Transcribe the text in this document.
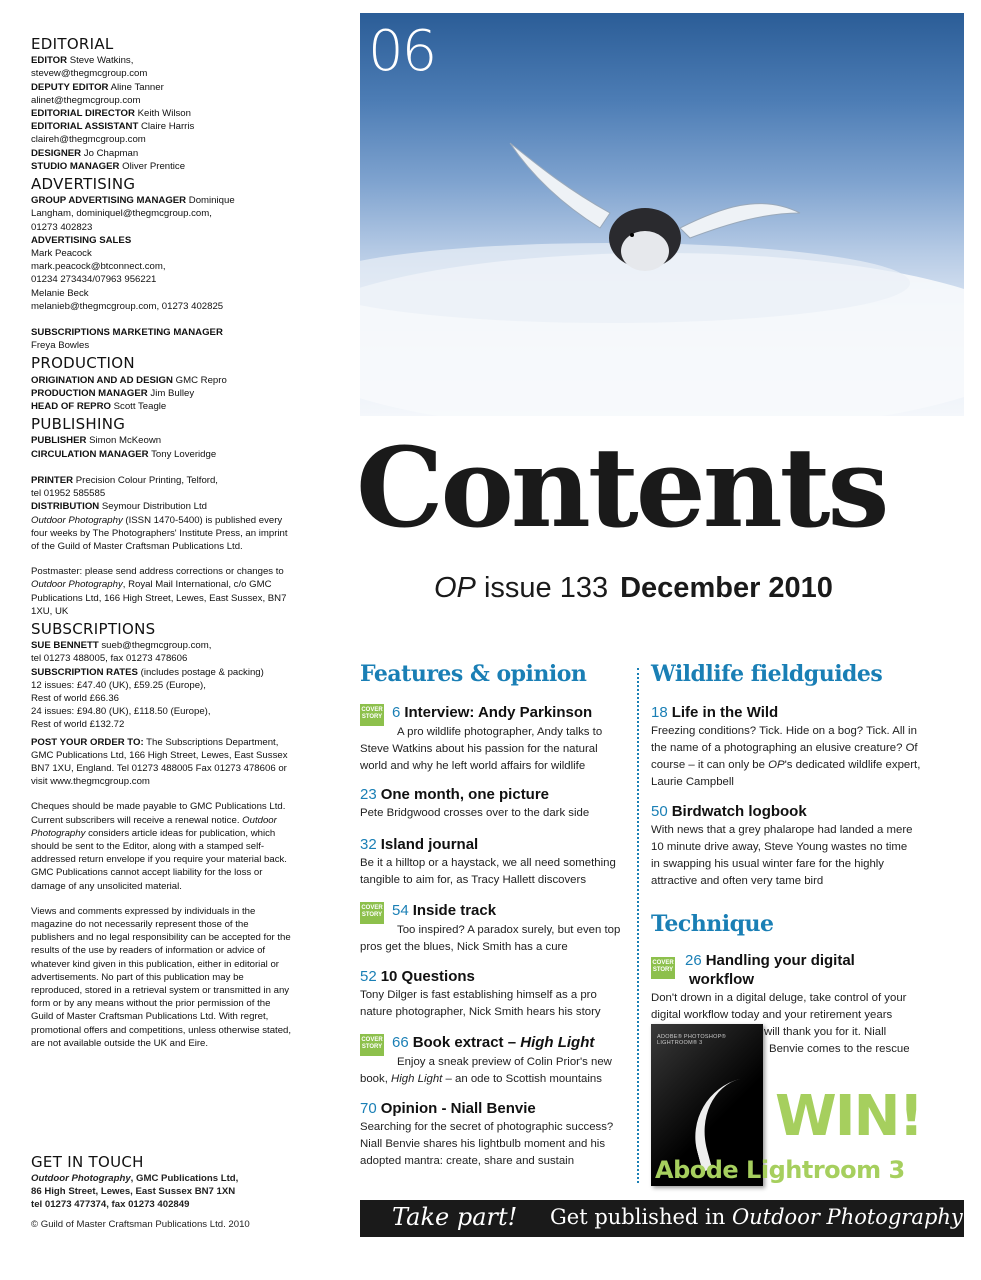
EDITORIAL
EDITOR Steve Watkins,
stevew@thegmcgroup.com
DEPUTY EDITOR Aline Tanner
alinet@thegmcgroup.com
EDITORIAL DIRECTOR Keith Wilson
EDITORIAL ASSISTANT Claire Harris
claireh@thegmcgroup.com
DESIGNER Jo Chapman
STUDIO MANAGER Oliver Prentice
ADVERTISING
GROUP ADVERTISING MANAGER Dominique
Langham, dominiquel@thegmcgroup.com,
01273 402823
ADVERTISING SALES
Mark Peacock
mark.peacock@btconnect.com,
01234 273434/07963 956221
Melanie Beck
melanieb@thegmcgroup.com, 01273 402825
SUBSCRIPTIONS MARKETING MANAGER
Freya Bowles
PRODUCTION
ORIGINATION AND AD DESIGN GMC Repro
PRODUCTION MANAGER Jim Bulley
HEAD OF REPRO Scott Teagle
PUBLISHING
PUBLISHER Simon McKeown
CIRCULATION MANAGER Tony Loveridge
PRINTER Precision Colour Printing, Telford,
tel 01952 585585
DISTRIBUTION Seymour Distribution Ltd
Outdoor Photography (ISSN 1470-5400) is published every four weeks by The Photographers' Institute Press, an imprint of the Guild of Master Craftsman Publications Ltd.
Postmaster: please send address corrections or changes to Outdoor Photography, Royal Mail International, c/o GMC Publications Ltd, 166 High Street, Lewes, East Sussex, BN7 1XU, UK
SUBSCRIPTIONS
SUE BENNETT sueb@thegmcgroup.com,
tel 01273 488005, fax 01273 478606
SUBSCRIPTION RATES (includes postage & packing)
12 issues: £47.40 (UK), £59.25 (Europe),
Rest of world £66.36
24 issues: £94.80 (UK), £118.50 (Europe),
Rest of world £132.72
POST YOUR ORDER TO: The Subscriptions Department, GMC Publications Ltd, 166 High Street, Lewes, East Sussex BN7 1XU, England. Tel 01273 488005 Fax 01273 478606 or visit www.thegmcgroup.com
Cheques should be made payable to GMC Publications Ltd. Current subscribers will receive a renewal notice. Outdoor Photography considers article ideas for publication, which should be sent to the Editor, along with a stamped self-addressed return envelope if you require your material back. GMC Publications cannot accept liability for the loss or damage of any unsolicited material.
Views and comments expressed by individuals in the magazine do not necessarily represent those of the publishers and no legal responsibility can be accepted for the results of the use by readers of information or advice of whatever kind given in this publication, either in editorial or advertisements. No part of this publication may be reproduced, stored in a retrieval system or transmitted in any form or by any means without the prior permission of the Guild of Master Craftsman Publications Ltd. With regret, promotional offers and competitions, unless otherwise stated, are not available outside the UK and Eire.
GET IN TOUCH
Outdoor Photography, GMC Publications Ltd,
86 High Street, Lewes, East Sussex BN7 1XN
tel 01273 477374, fax 01273 402849
© Guild of Master Craftsman Publications Ltd. 2010
06
Contents
OP issue 133 December 2010
Features & opinion
COVER
STORY 6 Interview: Andy Parkinson

A pro wildlife photographer, Andy talks to Steve Watkins about his passion for the natural world and why he left world affairs for wildlife
23 One month, one picture
Pete Bridgwood crosses over to the dark side
32 Island journal
Be it a hilltop or a haystack, we all need something tangible to aim for, as Tracy Hallett discovers
COVER
STORY 54 Inside track

Too inspired? A paradox surely, but even top pros get the blues, Nick Smith has a cure
52 10 Questions
Tony Dilger is fast establishing himself as a pro nature photographer, Nick Smith hears his story
COVER
STORY 66 Book extract – High Light

Enjoy a sneak preview of Colin Prior's new book, High Light – an ode to Scottish mountains
70 Opinion - Niall Benvie
Searching for the secret of photographic success? Niall Benvie shares his lightbulb moment and his adopted mantra: create, share and sustain
Wildlife fieldguides
18 Life in the Wild
Freezing conditions? Tick. Hide on a bog? Tick. All in the name of a photographing an elusive creature? Of course – it can only be OP's dedicated wildlife expert, Laurie Campbell
50 Birdwatch logbook
With news that a grey phalarope had landed a mere 10 minute drive away, Steve Young wastes no time in swapping his usual winter fare for the highly attractive and often very tame bird
Technique
COVER
STORY
26 Handling your digital
workflow
Don't drown in a digital deluge, take control of your digital workflow today and your retirement years
will thank you for it. Niall
Benvie comes to the rescue
ADOBE® PHOTOSHOP® LIGHTROOM® 3
WIN!
Abode Lightroom 3
Take part! Get published in Outdoor Photography
